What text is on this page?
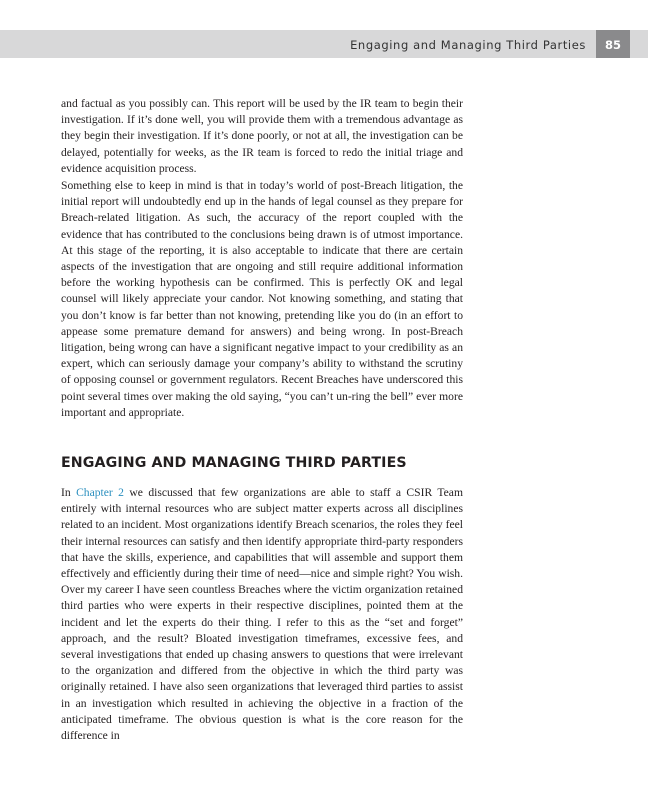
Engaging and Managing Third Parties	85

and factual as you possibly can. This report will be used by the IR team to begin their investigation. If it’s done well, you will provide them with a tremendous advantage as they begin their investigation. If it’s done poorly, or not at all, the investigation can be delayed, potentially for weeks, as the IR team is forced to redo the initial triage and evidence acquisition process.

Something else to keep in mind is that in today’s world of post-Breach litigation, the initial report will undoubtedly end up in the hands of legal counsel as they prepare for Breach-related litigation. As such, the accuracy of the report coupled with the evidence that has contributed to the conclusions being drawn is of utmost importance. At this stage of the reporting, it is also acceptable to indicate that there are certain aspects of the investigation that are ongoing and still require additional information before the working hypothesis can be confirmed. This is perfectly OK and legal counsel will likely appreciate your candor. Not knowing something, and stating that you don’t know is far better than not knowing, pretending like you do (in an effort to appease some premature demand for answers) and being wrong. In post-Breach litigation, being wrong can have a significant negative impact to your credibility as an expert, which can seriously damage your company’s ability to withstand the scrutiny of opposing counsel or government regulators. Recent Breaches have underscored this point several times over making the old saying, “you can’t un-ring the bell” ever more important and appropriate.

ENGAGING AND MANAGING THIRD PARTIES

In Chapter 2 we discussed that few organizations are able to staff a CSIR Team entirely with internal resources who are subject matter experts across all disciplines related to an incident. Most organizations identify Breach scenarios, the roles they feel their internal resources can satisfy and then identify appropriate third-party responders that have the skills, experience, and capabilities that will assemble and support them effectively and efficiently during their time of need—nice and simple right? You wish. Over my career I have seen countless Breaches where the victim organization retained third parties who were experts in their respective disciplines, pointed them at the incident and let the experts do their thing. I refer to this as the “set and forget” approach, and the result? Bloated investigation timeframes, excessive fees, and several investigations that ended up chasing answers to questions that were irrelevant to the organization and differed from the objective in which the third party was originally retained. I have also seen organizations that leveraged third parties to assist in an investigation which resulted in achieving the objective in a fraction of the anticipated timeframe. The obvious question is what is the core reason for the difference in
